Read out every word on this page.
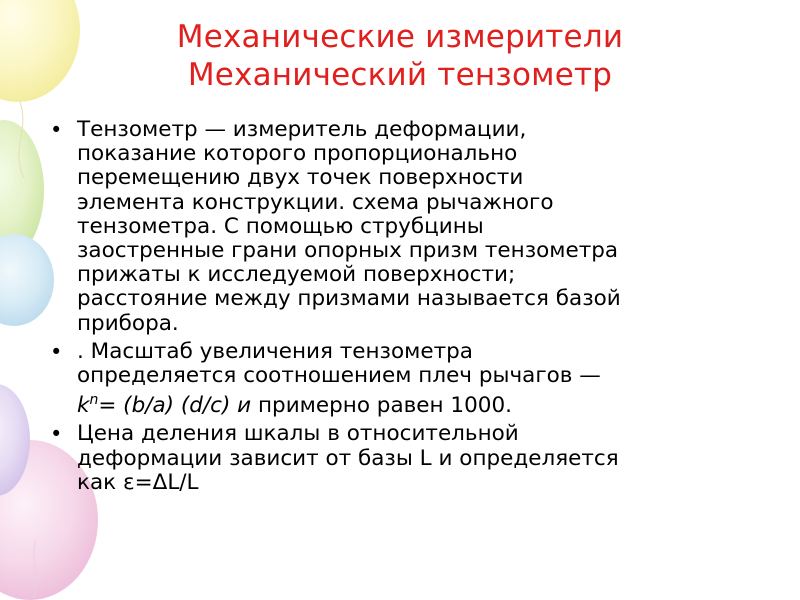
Механические измерители
Механический тензометр
• Тензометр — измеритель деформации,
показание которого пропорционально
перемещению двух точек поверхности
элемента конструкции. схема рычажного
тензометра. С помощью струбцины
заостренные грани опорных призм тензометра
прижаты к исследуемой поверхности;
расстояние между призмами называется базой
прибора.
• . Масштаб увеличения тензометра
определяется соотношением плеч рычагов —
$k^n= (b/a)$ (d/c) и примерно равен 1000.
• Цена деления шкалы в относительной
деформации зависит от базы L и определяется
как ε=ΔL/L
